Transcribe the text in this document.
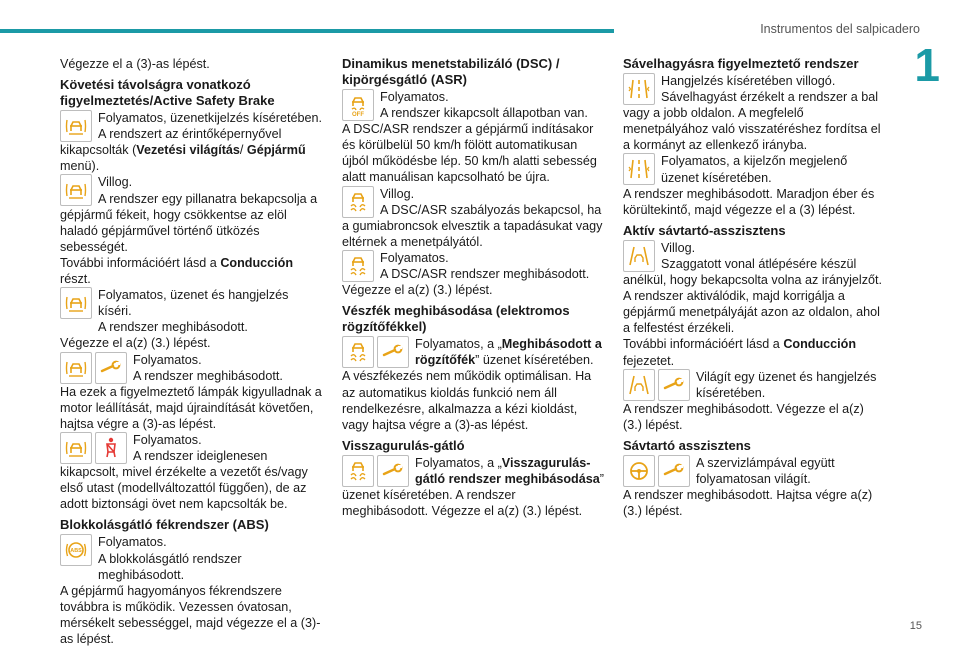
Instrumentos del salpicadero
1

Végezze el a (3)-as lépést.

Követési távolságra vonatkozó figyelmeztetés/Active Safety Brake

Folyamatos, üzenetkijelzés kíséretében.

A rendszert az érintőképernyővel

kikapcsolták (Vezetési világítás/ Gépjármű
menü).

Villog.

A rendszer egy pillanatra bekapcsolja a

gépjármű fékeit, hogy csökkentse az elöl haladó gépjárművel történő ütközés sebességét.

További információért lásd a Conducción részt.

Folyamatos, üzenet és hangjelzés kíséri.

A rendszer meghibásodott.

Végezze el a(z) (3.) lépést.

Folyamatos.

A rendszer meghibásodott.

Ha ezek a figyelmeztető lámpák kigyulladnak a motor leállítását, majd újraindítását követően, hajtsa végre a (3)-as lépést.

Folyamatos.

A rendszer ideiglenesen

kikapcsolt, mivel érzékelte a vezetőt és/vagy első utast (modellváltozattól függően), de az adott biztonsági övet nem kapcsolták be.

Blokkolásgátló fékrendszer (ABS)
ABS

Folyamatos.

A blokkolásgátló rendszer meghibásodott.

A gépjármű hagyományos fékrendszere továbbra is működik. Vezessen óvatosan, mérsékelt sebességgel, majd végezze el a (3)-as lépést.

Dinamikus menetstabilizáló (DSC) / kipörgésgátló (ASR)
OFF

Folyamatos.

A rendszer kikapcsolt állapotban van.

A DSC/ASR rendszer a gépjármű indításakor és körülbelül 50 km/h fölött automatikusan újból működésbe lép. 50 km/h alatti sebesség alatt manuálisan kapcsolható be újra.

Villog.

A DSC/ASR szabályozás bekapcsol, ha

a gumiabroncsok elvesztik a tapadásukat vagy eltérnek a menetpályától.

Folyamatos.

A DSC/ASR rendszer meghibásodott.

Végezze el a(z) (3.) lépést.

Vészfék meghibásodása (elektromos rögzítőfékkel)

Folyamatos, a „Meghibásodott a rögzítőfék” üzenet kíséretében.

A vészfékezés nem működik optimálisan. Ha az automatikus kioldás funkció nem áll rendelkezésre, alkalmazza a kézi kioldást, vagy hajtsa végre a (3)-as lépést.

Visszagurulás-gátló

Folyamatos, a „Visszagurulás-gátló rendszer meghibásodása”

üzenet kíséretében. A rendszer meghibásodott. Végezze el a(z) (3.) lépést.

Sávelhagyásra figyelmeztető rendszer

Hangjelzés kíséretében villogó.

Sávelhagyást érzékelt a rendszer a bal

vagy a jobb oldalon. A megfelelő menetpályához való visszatéréshez fordítsa el a kormányt az ellenkező irányba.

Folyamatos, a kijelzőn megjelenő üzenet kíséretében.

A rendszer meghibásodott. Maradjon éber és körültekintő, majd végezze el a (3) lépést.

Aktív sávtartó-asszisztens

Villog.

Szaggatott vonal átlépésére készül

anélkül, hogy bekapcsolta volna az irányjelzőt. A rendszer aktiválódik, majd korrigálja a gépjármű menetpályáját azon az oldalon, ahol a felfestést érzékeli.

További információért lásd a Conducción
fejezetet.

Világít egy üzenet és hangjelzés kíséretében.

A rendszer meghibásodott. Végezze el a(z) (3.) lépést.

Sávtartó asszisztens

A szervizlámpával együtt folyamatosan világít.

A rendszer meghibásodott. Hajtsa végre a(z) (3.) lépést.

15
